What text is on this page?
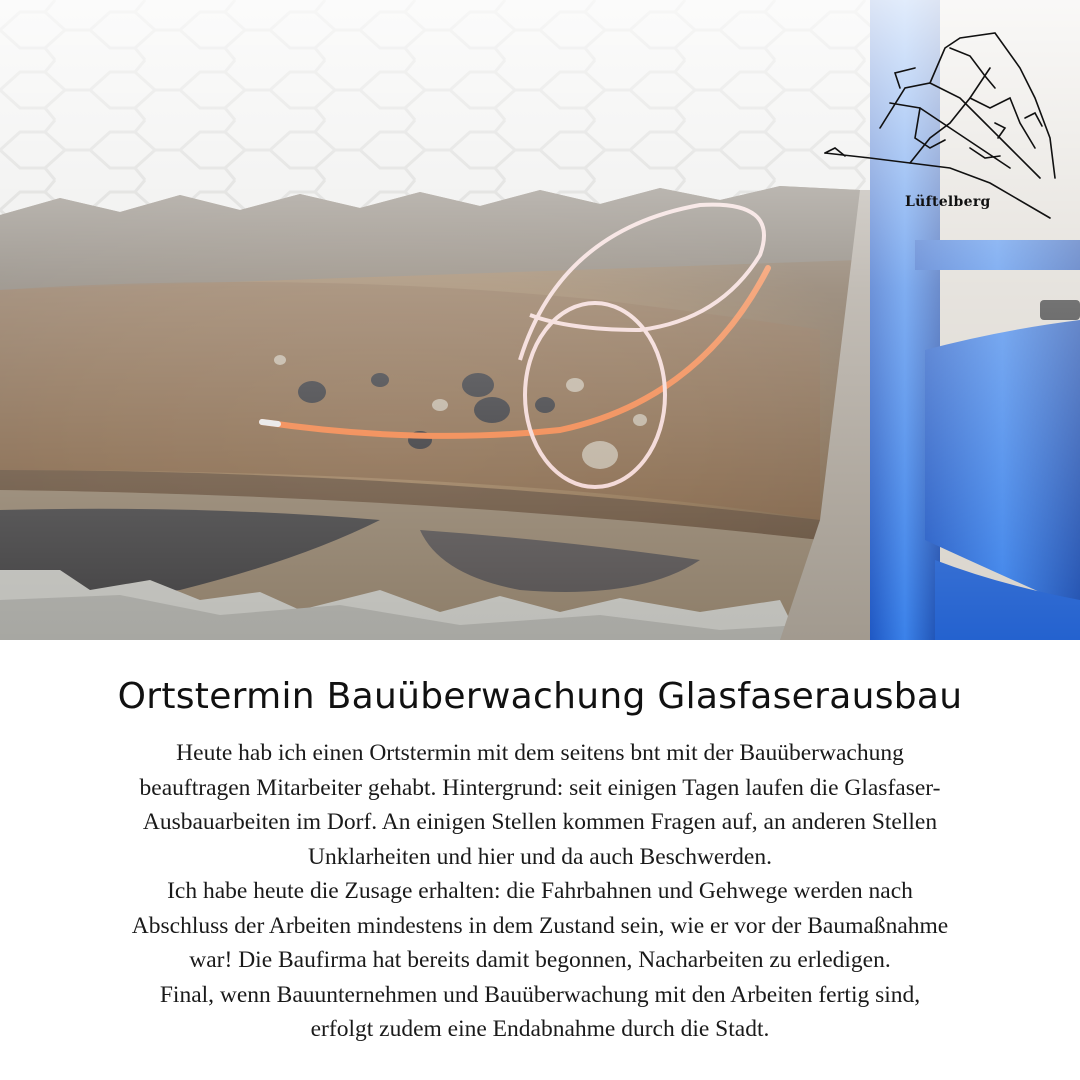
Lüftelberg
Ortstermin Bauüberwachung Glasfaserausbau
Heute hab ich einen Ortstermin mit dem seitens bnt mit der Bauüberwachung
beauftragen Mitarbeiter gehabt. Hintergrund: seit einigen Tagen laufen die Glasfaser-
Ausbauarbeiten im Dorf. An einigen Stellen kommen Fragen auf, an anderen Stellen
Unklarheiten und hier und da auch Beschwerden.
Ich habe heute die Zusage erhalten: die Fahrbahnen und Gehwege werden nach
Abschluss der Arbeiten mindestens in dem Zustand sein, wie er vor der Baumaßnahme
war! Die Baufirma hat bereits damit begonnen, Nacharbeiten zu erledigen.
Final, wenn Bauunternehmen und Bauüberwachung mit den Arbeiten fertig sind,
erfolgt zudem eine Endabnahme durch die Stadt.
